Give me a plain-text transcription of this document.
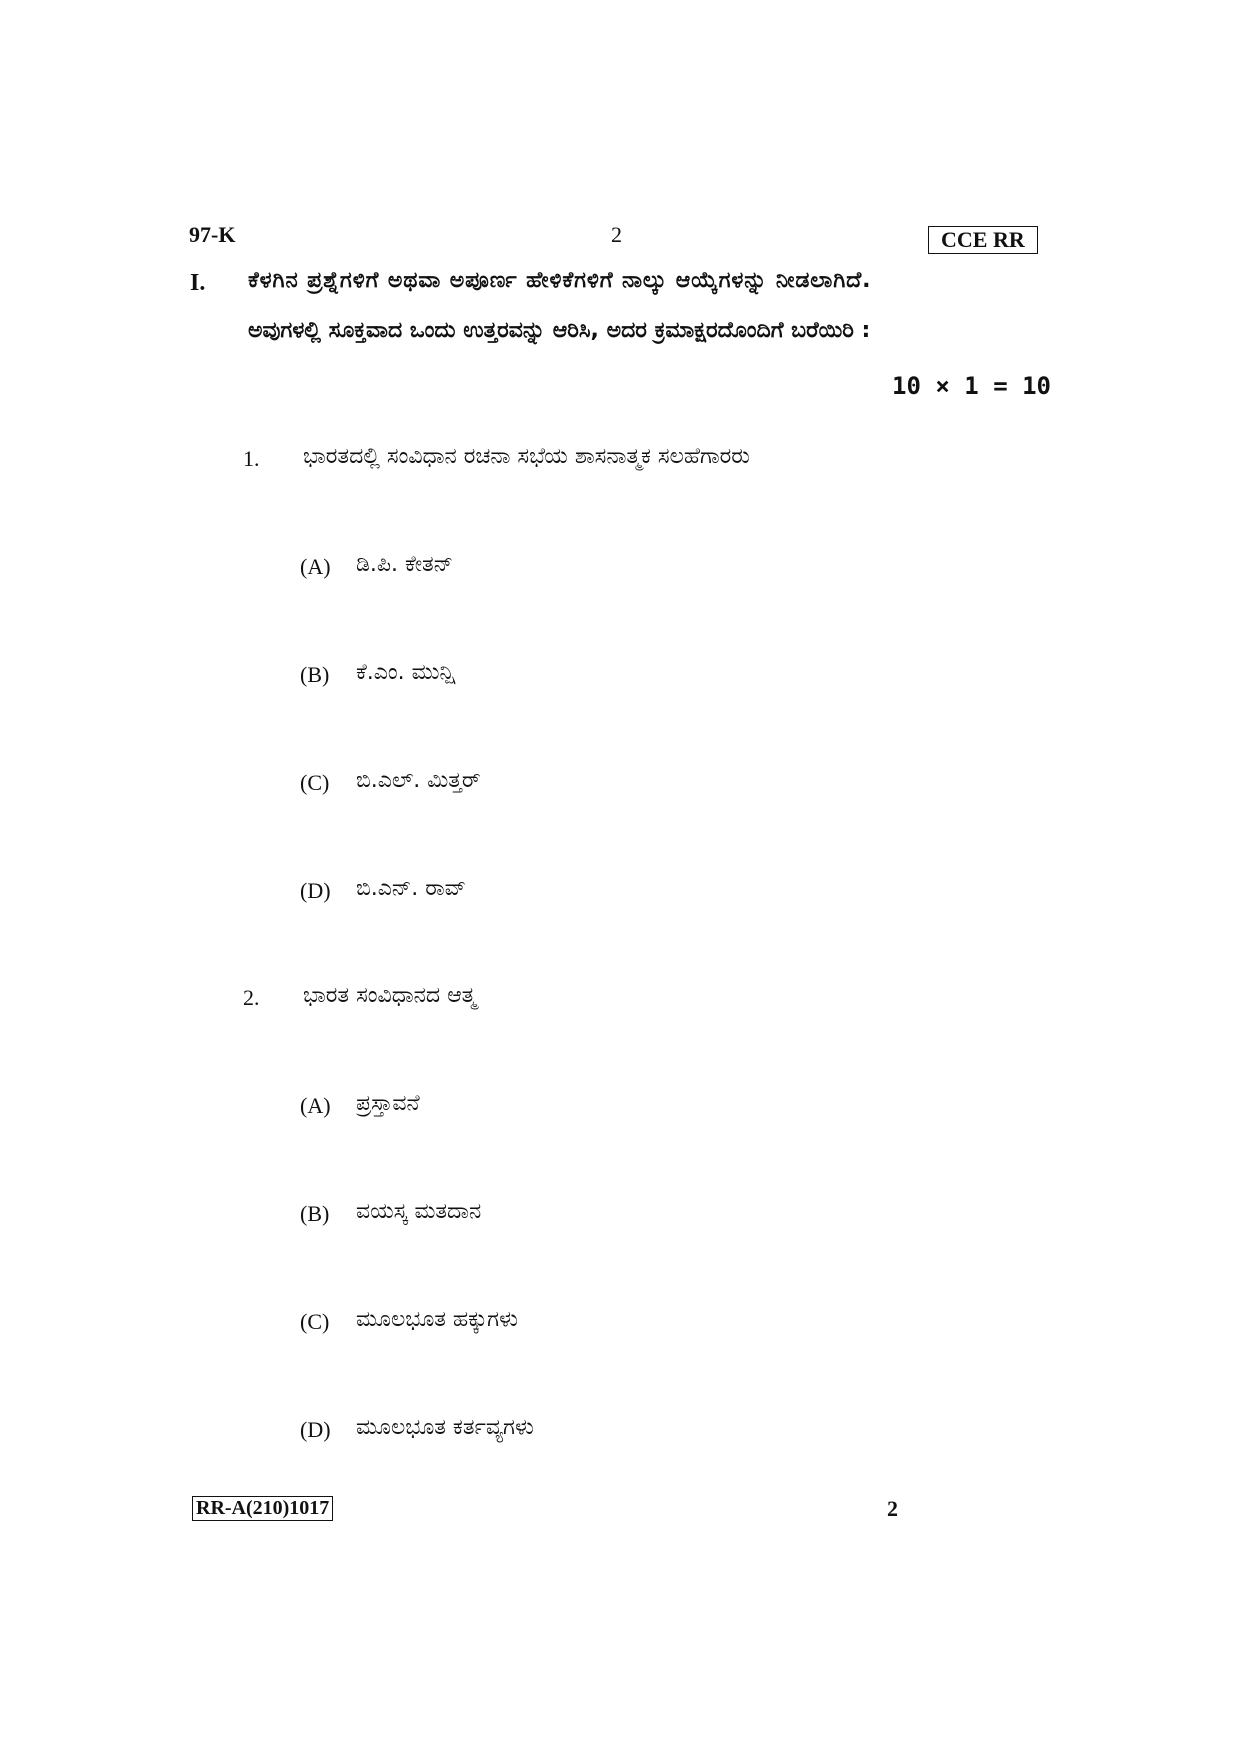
97-K	2	CCE RR
I. ಕೆಳಗಿನ ಪ್ರಶ್ನೆಗಳಿಗೆ ಅಥವಾ ಅಪೂರ್ಣ ಹೇಳಿಕೆಗಳಿಗೆ ನಾಲ್ಕು ಆಯ್ಕೆಗಳನ್ನು ನೀಡಲಾಗಿದೆ.
ಅವುಗಳಲ್ಲಿ ಸೂಕ್ತವಾದ ಒಂದು ಉತ್ತರವನ್ನು ಆರಿಸಿ, ಅದರ ಕ್ರಮಾಕ್ಷರದೊಂದಿಗೆ ಬರೆಯಿರಿ :
10 × 1 = 10
1. ಭಾರತದಲ್ಲಿ ಸಂವಿಧಾನ ರಚನಾ ಸಭೆಯ ಶಾಸನಾತ್ಮಕ ಸಲಹೆಗಾರರು
(A) ಡಿ.ಪಿ. ಕೇತನ್
(B) ಕೆ.ಎಂ. ಮುನ್ಷಿ
(C) ಬಿ.ಎಲ್. ಮಿತ್ತರ್
(D) ಬಿ.ಎನ್. ರಾವ್
2. ಭಾರತ ಸಂವಿಧಾನದ ಆತ್ಮ
(A) ಪ್ರಸ್ತಾವನೆ
(B) ವಯಸ್ಕ ಮತದಾನ
(C) ಮೂಲಭೂತ ಹಕ್ಕುಗಳು
(D) ಮೂಲಭೂತ ಕರ್ತವ್ಯಗಳು
RR-A(210)1017	2
